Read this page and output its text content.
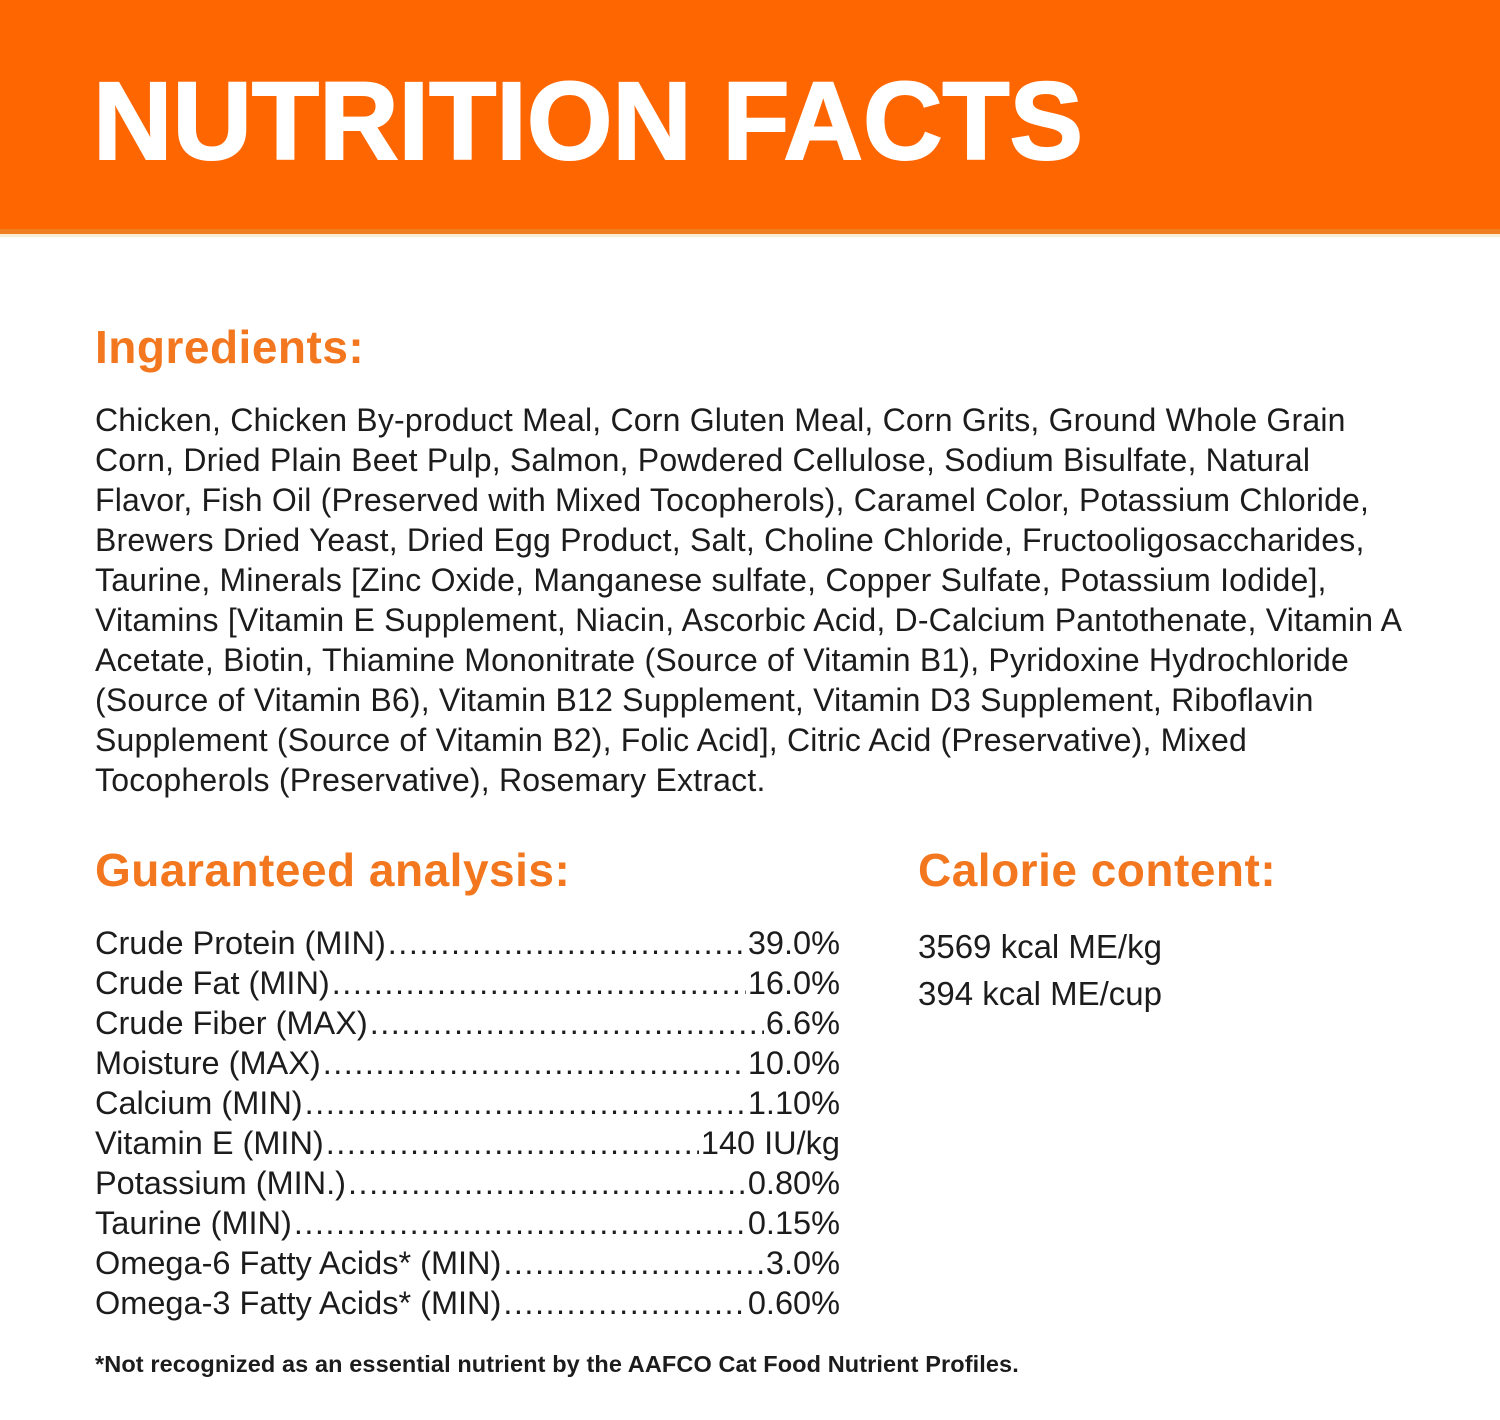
NUTRITION FACTS
Ingredients:

Chicken, Chicken By-product Meal, Corn Gluten Meal, Corn Grits, Ground Whole Grain Corn, Dried Plain Beet Pulp, Salmon, Powdered Cellulose, Sodium Bisulfate, Natural Flavor, Fish Oil (Preserved with Mixed Tocopherols), Caramel Color, Potassium Chloride, Brewers Dried Yeast, Dried Egg Product, Salt, Choline Chloride, Fructooligosaccharides, Taurine, Minerals [Zinc Oxide, Manganese sulfate, Copper Sulfate, Potassium Iodide], Vitamins [Vitamin E Supplement, Niacin, Ascorbic Acid, D-Calcium Pantothenate, Vitamin A Acetate, Biotin, Thiamine Mononitrate (Source of Vitamin B1), Pyridoxine Hydrochloride (Source of Vitamin B6), Vitamin B12 Supplement, Vitamin D3 Supplement, Riboflavin Supplement (Source of Vitamin B2), Folic Acid], Citric Acid (Preservative), Mixed Tocopherols (Preservative), Rosemary Extract.

Guaranteed analysis:
Crude Protein (MIN) .....	39.0%
Crude Fat (MIN) .....	16.0%
Crude Fiber (MAX) .....	6.6%
Moisture (MAX) .....	10.0%
Calcium (MIN) .....	1.10%
Vitamin E (MIN) .....	140 IU/kg
Potassium (MIN.) .....	0.80%
Taurine (MIN) .....	0.15%
Omega-6 Fatty Acids* (MIN) .....	3.0%
Omega-3 Fatty Acids* (MIN) .....	0.60%
Calorie content:
3569 kcal ME/kg
394 kcal ME/cup

*Not recognized as an essential nutrient by the AAFCO Cat Food Nutrient Profiles.
